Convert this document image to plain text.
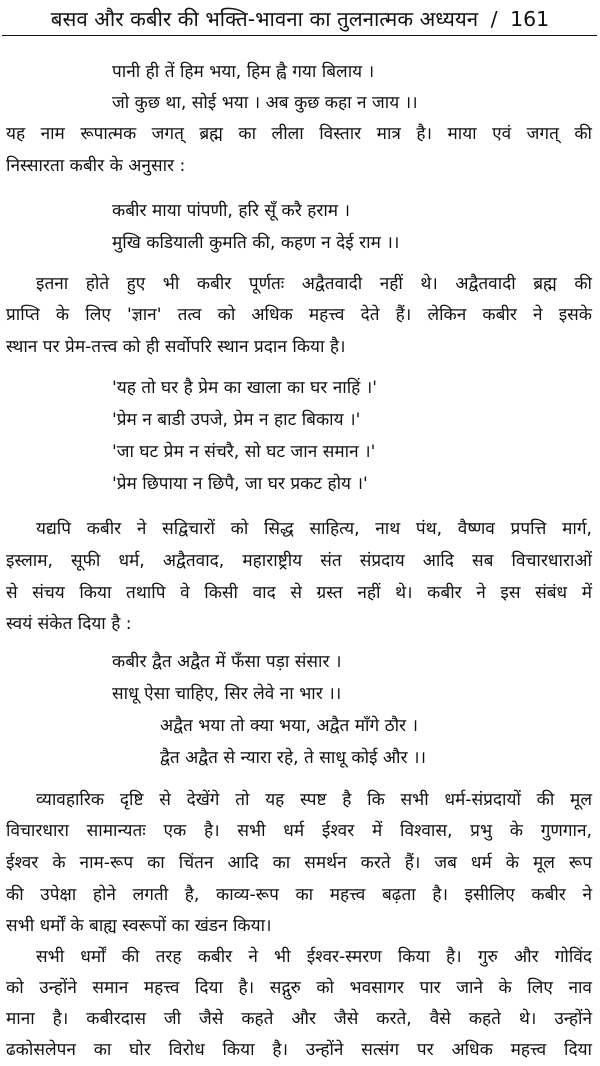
बसव और कबीर की भक्ति-भावना का तुलनात्मक अध्ययन / 161
पानी ही तें हिम भया, हिम ह्वै गया बिलाय ।
जो कुछ था, सोई भया । अब कुछ कहा न जाय ।।
यह नाम रूपात्मक जगत् ब्रह्म का लीला विस्तार मात्र है। माया एवं जगत् की
निस्सारता कबीर के अनुसार :
कबीर माया पांपणी, हरि सूँ करै हराम ।
मुखि कडियाली कुमति की, कहण न देई राम ।।
इतना होते हुए भी कबीर पूर्णतः अद्वैतवादी नहीं थे। अद्वैतवादी ब्रह्म की
प्राप्ति के लिए 'ज्ञान' तत्व को अधिक महत्त्व देते हैं। लेकिन कबीर ने इसके
स्थान पर प्रेम-तत्त्व को ही सर्वोपरि स्थान प्रदान किया है।
'यह तो घर है प्रेम का खाला का घर नाहिं ।'
'प्रेम न बाडी उपजे, प्रेम न हाट बिकाय ।'
'जा घट प्रेम न संचरै, सो घट जान समान ।'
'प्रेम छिपाया न छिपै, जा घर प्रकट होय ।'
यद्यपि कबीर ने सद्विचारों को सिद्ध साहित्य, नाथ पंथ, वैष्णव प्रपत्ति मार्ग,
इस्लाम, सूफी धर्म, अद्वैतवाद, महाराष्ट्रीय संत संप्रदाय आदि सब विचारधाराओं
से संचय किया तथापि वे किसी वाद से ग्रस्त नहीं थे। कबीर ने इस संबंध में
स्वयं संकेत दिया है :
कबीर द्वैत अद्वैत में फँसा पड़ा संसार ।
साधू ऐसा चाहिए, सिर लेवे ना भार ।।
अद्वैत भया तो क्या भया, अद्वैत माँगे ठौर ।
द्वैत अद्वैत से न्यारा रहे, ते साधू कोई और ।।
व्यावहारिक दृष्टि से देखेंगे तो यह स्पष्ट है कि सभी धर्म-संप्रदायों की मूल
विचारधारा सामान्यतः एक है। सभी धर्म ईश्वर में विश्वास, प्रभु के गुणगान,
ईश्वर के नाम-रूप का चिंतन आदि का समर्थन करते हैं। जब धर्म के मूल रूप
की उपेक्षा होने लगती है, काव्य-रूप का महत्त्व बढ़ता है। इसीलिए कबीर ने
सभी धर्मों के बाह्य स्वरूपों का खंडन किया।
सभी धर्मों की तरह कबीर ने भी ईश्वर-स्मरण किया है। गुरु और गोविंद
को उन्होंने समान महत्त्व दिया है। सद्गुरु को भवसागर पार जाने के लिए नाव
माना है। कबीरदास जी जैसे कहते और जैसे करते, वैसे कहते थे। उन्होंने
ढकोसलेपन का घोर विरोध किया है। उन्होंने सत्संग पर अधिक महत्त्व दिया
